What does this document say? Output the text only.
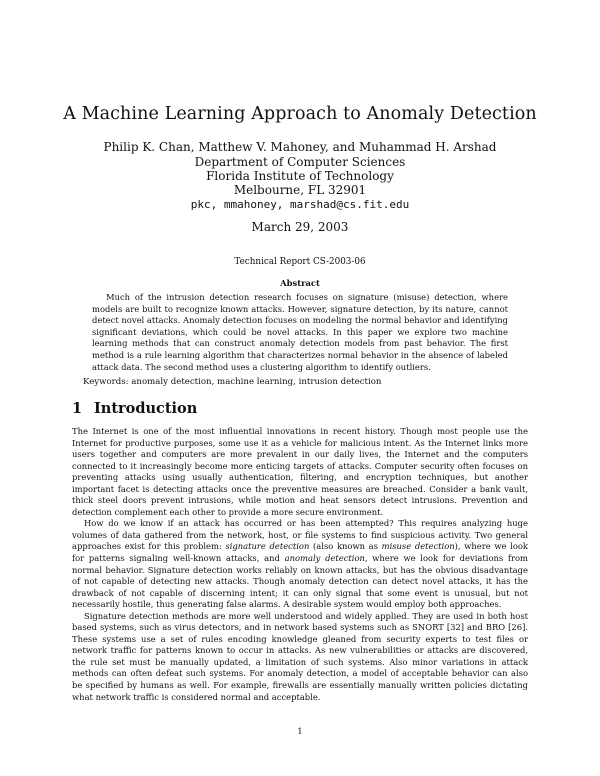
A Machine Learning Approach to Anomaly Detection
Philip K. Chan, Matthew V. Mahoney, and Muhammad H. Arshad
Department of Computer Sciences
Florida Institute of Technology
Melbourne, FL 32901
pkc, mmahoney, marshad@cs.fit.edu
March 29, 2003
Technical Report CS-2003-06
Abstract
Much of the intrusion detection research focuses on signature (misuse) detection, where models are built to recognize known attacks. However, signature detection, by its nature, cannot detect novel attacks. Anomaly detection focuses on modeling the normal behavior and identifying significant deviations, which could be novel attacks. In this paper we explore two machine learning methods that can construct anomaly detection models from past behavior. The first method is a rule learning algorithm that characterizes normal behavior in the absence of labeled attack data. The second method uses a clustering algorithm to identify outliers.
Keywords: anomaly detection, machine learning, intrusion detection
1 Introduction

The Internet is one of the most influential innovations in recent history. Though most people use the Internet for productive purposes, some use it as a vehicle for malicious intent. As the Internet links more users together and computers are more prevalent in our daily lives, the Internet and the computers connected to it increasingly become more enticing targets of attacks. Computer security often focuses on preventing attacks using usually authentication, filtering, and encryption techniques, but another important facet is detecting attacks once the preventive measures are breached. Consider a bank vault, thick steel doors prevent intrusions, while motion and heat sensors detect intrusions. Prevention and detection complement each other to provide a more secure environment.

How do we know if an attack has occurred or has been attempted? This requires analyzing huge volumes of data gathered from the network, host, or file systems to find suspicious activity. Two general approaches exist for this problem: signature detection (also known as misuse detection), where we look for patterns signaling well-known attacks, and anomaly detection, where we look for deviations from normal behavior. Signature detection works reliably on known attacks, but has the obvious disadvantage of not capable of detecting new attacks. Though anomaly detection can detect novel attacks, it has the drawback of not capable of discerning intent; it can only signal that some event is unusual, but not necessarily hostile, thus generating false alarms. A desirable system would employ both approaches.

Signature detection methods are more well understood and widely applied. They are used in both host based systems, such as virus detectors, and in network based systems such as SNORT [32] and BRO [26]. These systems use a set of rules encoding knowledge gleaned from security experts to test files or network traffic for patterns known to occur in attacks. As new vulnerabilities or attacks are discovered, the rule set must be manually updated, a limitation of such systems. Also minor variations in attack methods can often defeat such systems. For anomaly detection, a model of acceptable behavior can also be specified by humans as well. For example, firewalls are essentially manually written policies dictating what network traffic is considered normal and acceptable.

1
